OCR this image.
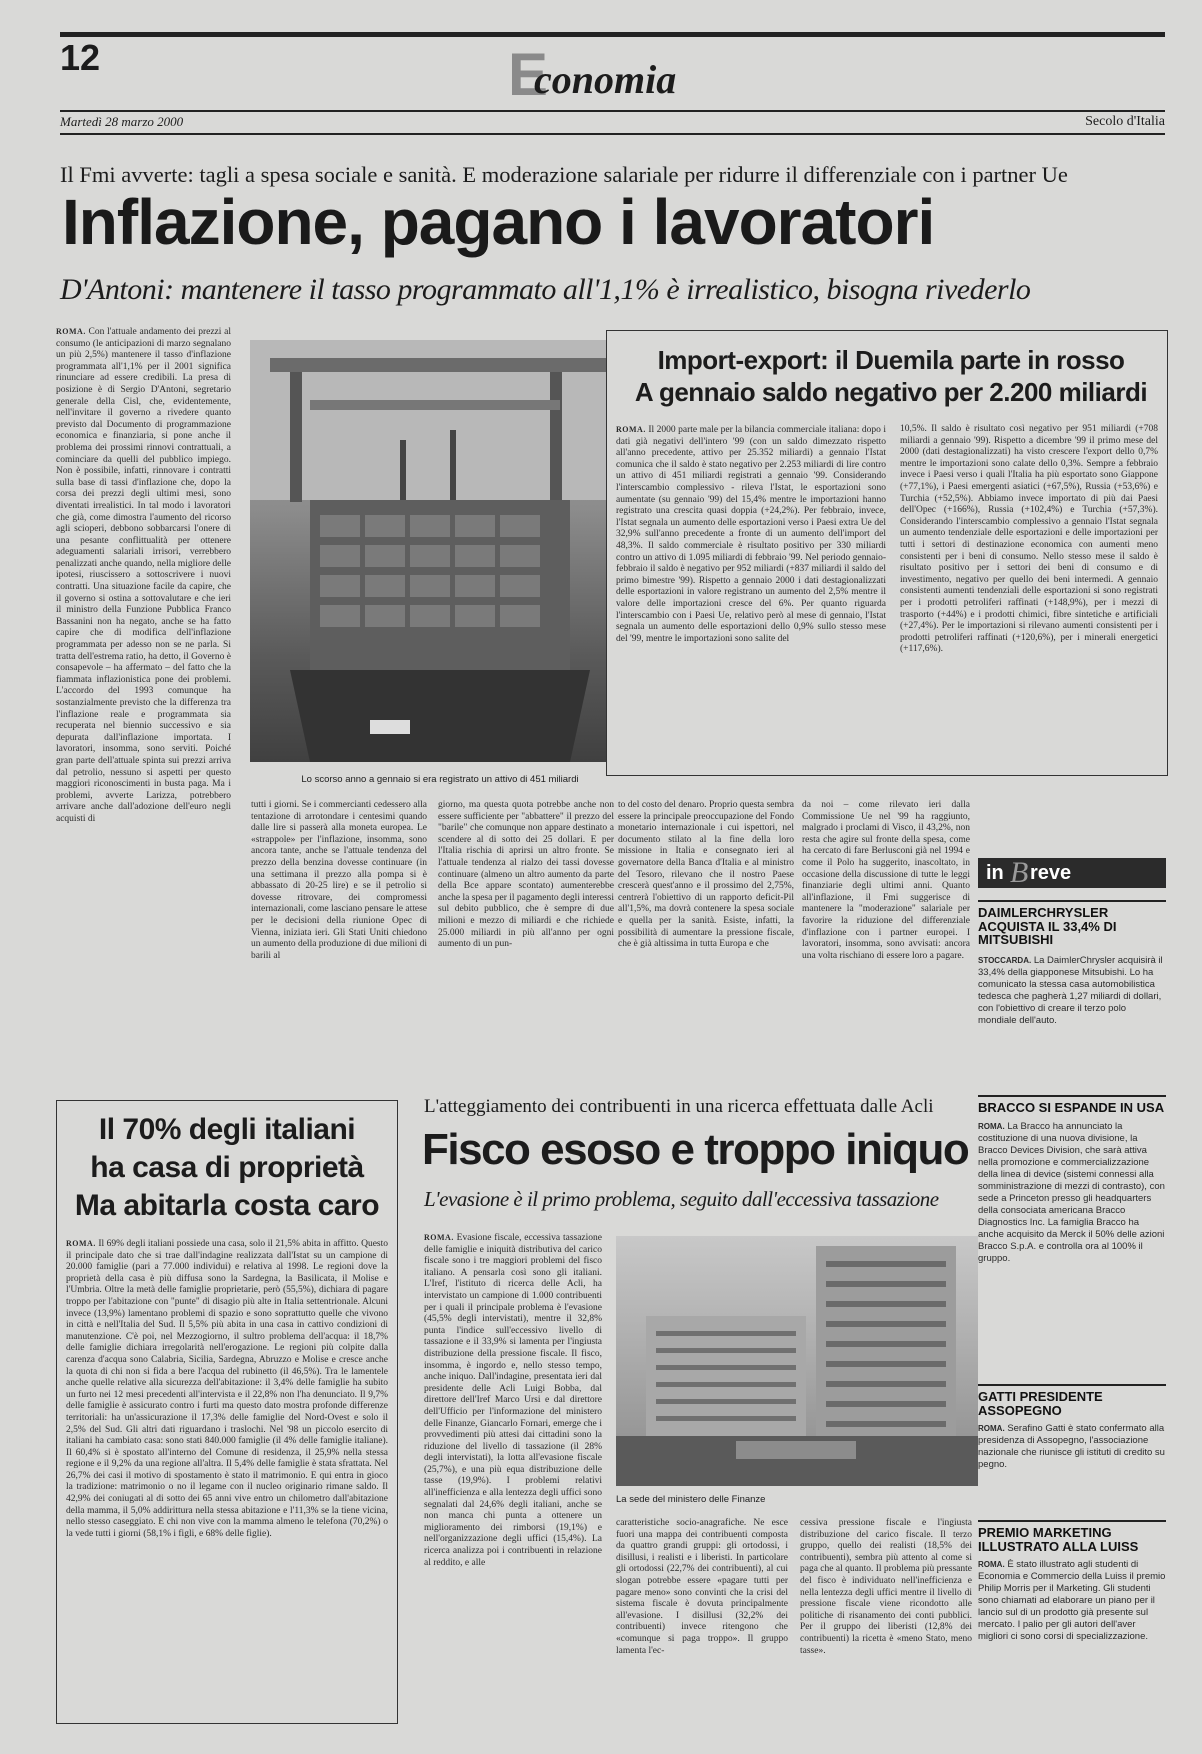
12	E
conomia
Martedì 28 marzo 2000	Secolo d'Italia
Il Fmi avverte: tagli a spesa sociale e sanità. E moderazione salariale per ridurre il differenziale con i partner Ue
Inflazione, pagano i lavoratori
D'Antoni: mantenere il tasso programmato all'1,1% è irrealistico, bisogna rivederlo

ROMA. Con l'attuale andamento dei prezzi al consumo (le anticipazioni di marzo segnalano un più 2,5%) mantenere il tasso d'inflazione programmata all'1,1% per il 2001 significa rinunciare ad essere credibili. La presa di posizione è di Sergio D'Antoni, segretario generale della Cisl, che, evidentemente, nell'invitare il governo a rivedere quanto previsto dal Documento di programmazione economica e finanziaria, si pone anche il problema dei prossimi rinnovi contrattuali, a cominciare da quelli del pubblico impiego. Non è possibile, infatti, rinnovare i contratti sulla base di tassi d'inflazione che, dopo la corsa dei prezzi degli ultimi mesi, sono diventati irrealistici. In tal modo i lavoratori che già, come dimostra l'aumento del ricorso agli scioperi, debbono sobbarcarsi l'onere di una pesante conflittualità per ottenere adeguamenti salariali irrisori, verrebbero penalizzati anche quando, nella migliore delle ipotesi, riuscissero a sottoscrivere i nuovi contratti. Una situazione facile da capire, che il governo si ostina a sottovalutare e che ieri il ministro della Funzione Pubblica Franco Bassanini non ha negato, anche se ha fatto capire che di modifica dell'inflazione programmata per adesso non se ne parla. Si tratta dell'estrema ratio, ha detto, il Governo è consapevole – ha affermato – del fatto che la fiammata inflazionistica pone dei problemi. L'accordo del 1993 comunque ha sostanzialmente previsto che la differenza tra l'inflazione reale e programmata sia recuperata nel biennio successivo e sia depurata dall'inflazione importata. I lavoratori, insomma, sono serviti. Poiché gran parte dell'attuale spinta sui prezzi arriva dal petrolio, nessuno si aspetti per questo maggiori riconoscimenti in busta paga. Ma i problemi, avverte Larizza, potrebbero arrivare anche dall'adozione dell'euro negli acquisti di

Lo scorso anno a gennaio si era registrato un attivo di 451 miliardi
Import-export: il Duemila parte in rosso
A gennaio saldo negativo per 2.200 miliardi

ROMA. Il 2000 parte male per la bilancia commerciale italiana: dopo i dati già negativi dell'intero '99 (con un saldo dimezzato rispetto all'anno precedente, attivo per 25.352 miliardi) a gennaio l'Istat comunica che il saldo è stato negativo per 2.253 miliardi di lire contro un attivo di 451 miliardi registrati a gennaio '99. Considerando l'interscambio complessivo - rileva l'Istat, le esportazioni sono aumentate (su gennaio '99) del 15,4% mentre le importazioni hanno registrato una crescita quasi doppia (+24,2%). Per febbraio, invece, l'Istat segnala un aumento delle esportazioni verso i Paesi extra Ue del 32,9% sull'anno precedente a fronte di un aumento dell'import del 48,3%. Il saldo commerciale è risultato positivo per 330 miliardi contro un attivo di 1.095 miliardi di febbraio '99. Nel periodo gennaio-febbraio il saldo è negativo per 952 miliardi (+837 miliardi il saldo del primo bimestre '99). Rispetto a gennaio 2000 i dati destagionalizzati delle esportazioni in valore registrano un aumento del 2,5% mentre il valore delle importazioni cresce del 6%. Per quanto riguarda l'interscambio con i Paesi Ue, relativo però al mese di gennaio, l'Istat segnala un aumento delle esportazioni dello 0,9% sullo stesso mese del '99, mentre le importazioni sono salite del

10,5%. Il saldo è risultato così negativo per 951 miliardi (+708 miliardi a gennaio '99). Rispetto a dicembre '99 il primo mese del 2000 (dati destagionalizzati) ha visto crescere l'export dello 0,7% mentre le importazioni sono calate dello 0,3%. Sempre a febbraio invece i Paesi verso i quali l'Italia ha più esportato sono Giappone (+77,1%), i Paesi emergenti asiatici (+67,5%), Russia (+53,6%) e Turchia (+52,5%). Abbiamo invece importato di più dai Paesi dell'Opec (+166%), Russia (+102,4%) e Turchia (+57,3%). Considerando l'interscambio complessivo a gennaio l'Istat segnala un aumento tendenziale delle esportazioni e delle importazioni per tutti i settori di destinazione economica con aumenti meno consistenti per i beni di consumo. Nello stesso mese il saldo è risultato positivo per i settori dei beni di consumo e di investimento, negativo per quello dei beni intermedi. A gennaio consistenti aumenti tendenziali delle esportazioni si sono registrati per i prodotti petroliferi raffinati (+148,9%), per i mezzi di trasporto (+44%) e i prodotti chimici, fibre sintetiche e artificiali (+27,4%). Per le importazioni si rilevano aumenti consistenti per i prodotti petroliferi raffinati (+120,6%), per i minerali energetici (+117,6%).

tutti i giorni. Se i commercianti cedessero alla tentazione di arrotondare i centesimi quando dalle lire si passerà alla moneta europea. Le «strappole» per l'inflazione, insomma, sono ancora tante, anche se l'attuale tendenza del prezzo della benzina dovesse continuare (in una settimana il prezzo alla pompa si è abbassato di 20-25 lire) e se il petrolio si dovesse ritrovare, dei compromessi internazionali, come lasciano pensare le attese per le decisioni della riunione Opec di Vienna, iniziata ieri. Gli Stati Uniti chiedono un aumento della produzione di due milioni di barili al

giorno, ma questa quota potrebbe anche non essere sufficiente per "abbattere" il prezzo del "barile" che comunque non appare destinato a scendere al di sotto dei 25 dollari. E per l'Italia rischia di aprirsi un altro fronte. Se l'attuale tendenza al rialzo dei tassi dovesse continuare (almeno un altro aumento da parte della Bce appare scontato) aumenterebbe anche la spesa per il pagamento degli interessi sul debito pubblico, che è sempre di due milioni e mezzo di miliardi e che richiede 25.000 miliardi in più all'anno per ogni aumento di un pun-

to del costo del denaro. Proprio questa sembra essere la principale preoccupazione del Fondo monetario internazionale i cui ispettori, nel documento stilato al la fine della loro missione in Italia e consegnato ieri al governatore della Banca d'Italia e al ministro del Tesoro, rilevano che il nostro Paese crescerà quest'anno e il prossimo del 2,75%, centrerà l'obiettivo di un rapporto deficit-Pil all'1,5%, ma dovrà contenere la spesa sociale e quella per la sanità. Esiste, infatti, la possibilità di aumentare la pressione fiscale, che è già altissima in tutta Europa e che

da noi – come rilevato ieri dalla Commissione Ue nel '99 ha raggiunto, malgrado i proclami di Visco, il 43,2%, non resta che agire sul fronte della spesa, come ha cercato di fare Berlusconi già nel 1994 e come il Polo ha suggerito, inascoltato, in occasione della discussione di tutte le leggi finanziarie degli ultimi anni. Quanto all'inflazione, il Fmi suggerisce di mantenere la "moderazione" salariale per favorire la riduzione del differenziale d'inflazione con i partner europei. I lavoratori, insomma, sono avvisati: ancora una volta rischiano di essere loro a pagare.

in B reve
DAIMLERCHRYSLER ACQUISTA IL 33,4% DI MITSUBISHI
STOCCARDA. La DaimlerChrysler acquisirà il 33,4% della giapponese Mitsubishi. Lo ha comunicato la stessa casa automobilistica tedesca che pagherà 1,27 miliardi di dollari, con l'obiettivo di creare il terzo polo mondiale dell'auto.
BRACCO SI ESPANDE IN USA
ROMA. La Bracco ha annunciato la costituzione di una nuova divisione, la Bracco Devices Division, che sarà attiva nella promozione e commercializzazione della linea di device (sistemi connessi alla somministrazione di mezzi di contrasto), con sede a Princeton presso gli headquarters della consociata americana Bracco Diagnostics Inc. La famiglia Bracco ha anche acquisito da Merck il 50% delle azioni Bracco S.p.A. e controlla ora al 100% il gruppo.
GATTI PRESIDENTE ASSOPEGNO
ROMA. Serafino Gatti è stato confermato alla presidenza di Assopegno, l'associazione nazionale che riunisce gli istituti di credito su pegno.
PREMIO MARKETING ILLUSTRATO ALLA LUISS
ROMA. È stato illustrato agli studenti di Economia e Commercio della Luiss il premio Philip Morris per il Marketing. Gli studenti sono chiamati ad elaborare un piano per il lancio sul di un prodotto già presente sul mercato. I palio per gli autori dell'aver migliori ci sono corsi di specializzazione.
Il 70% degli italiani
ha casa di proprietà
Ma abitarla costa caro

ROMA. Il 69% degli italiani possiede una casa, solo il 21,5% abita in affitto. Questo il principale dato che si trae dall'indagine realizzata dall'Istat su un campione di 20.000 famiglie (pari a 77.000 individui) e relativa al 1998. Le regioni dove la proprietà della casa è più diffusa sono la Sardegna, la Basilicata, il Molise e l'Umbria. Oltre la metà delle famiglie proprietarie, però (55,5%), dichiara di pagare troppo per l'abitazione con "punte" di disagio più alte in Italia settentrionale. Alcuni invece (13,9%) lamentano problemi di spazio e sono soprattutto quelle che vivono in città e nell'Italia del Sud. Il 5,5% più abita in una casa in cattivo condizioni di manutenzione. C'è poi, nel Mezzogiorno, il sultro problema dell'acqua: il 18,7% delle famiglie dichiara irregolarità nell'erogazione. Le regioni più colpite dalla carenza d'acqua sono Calabria, Sicilia, Sardegna, Abruzzo e Molise e cresce anche la quota di chi non si fida a bere l'acqua del rubinetto (il 46,5%). Tra le lamentele anche quelle relative alla sicurezza dell'abitazione: il 3,4% delle famiglie ha subito un furto nei 12 mesi precedenti all'intervista e il 22,8% non l'ha denunciato. Il 9,7% delle famiglie è assicurato contro i furti ma questo dato mostra profonde differenze territoriali: ha un'assicurazione il 17,3% delle famiglie del Nord-Ovest e solo il 2,5% del Sud. Gli altri dati riguardano i traslochi. Nel '98 un piccolo esercito di italiani ha cambiato casa: sono stati 840.000 famiglie (il 4% delle famiglie italiane). Il 60,4% si è spostato all'interno del Comune di residenza, il 25,9% nella stessa regione e il 9,2% da una regione all'altra. Il 5,4% delle famiglie è stata sfrattata. Nel 26,7% dei casi il motivo di spostamento è stato il matrimonio. E qui entra in gioco la tradizione: matrimonio o no il legame con il nucleo originario rimane saldo. Il 42,9% dei coniugati al di sotto dei 65 anni vive entro un chilometro dall'abitazione della mamma, il 5,0% addirittura nella stessa abitazione e l'11,3% se la tiene vicina, nello stesso caseggiato. E chi non vive con la mamma almeno le telefona (70,2%) o la vede tutti i giorni (58,1% i figli, e 68% delle figlie).

L'atteggiamento dei contribuenti in una ricerca effettuata dalle Acli
Fisco esoso e troppo iniquo
L'evasione è il primo problema, seguito dall'eccessiva tassazione

ROMA. Evasione fiscale, eccessiva tassazione delle famiglie e iniquità distributiva del carico fiscale sono i tre maggiori problemi del fisco italiano. A pensarla così sono gli italiani. L'Iref, l'istituto di ricerca delle Acli, ha intervistato un campione di 1.000 contribuenti per i quali il principale problema è l'evasione (45,5% degli intervistati), mentre il 32,8% punta l'indice sull'eccessivo livello di tassazione e il 33,9% si lamenta per l'ingiusta distribuzione della pressione fiscale. Il fisco, insomma, è ingordo e, nello stesso tempo, anche iniquo. Dall'indagine, presentata ieri dal presidente delle Acli Luigi Bobba, dal direttore dell'Iref Marco Ursi e dal direttore dell'Ufficio per l'informazione del ministero delle Finanze, Giancarlo Fornari, emerge che i provvedimenti più attesi dai cittadini sono la riduzione del livello di tassazione (il 28% degli intervistati), la lotta all'evasione fiscale (25,7%), e una più equa distribuzione delle tasse (19,9%). I problemi relativi all'inefficienza e alla lentezza degli uffici sono segnalati dal 24,6% degli italiani, anche se non manca chi punta a ottenere un miglioramento dei rimborsi (19,1%) e nell'organizzazione degli uffici (15,4%). La ricerca analizza poi i contribuenti in relazione al reddito, e alle

La sede del ministero delle Finanze

caratteristiche socio-anagrafiche. Ne esce fuori una mappa dei contribuenti composta da quattro grandi gruppi: gli ortodossi, i disillusi, i realisti e i liberisti. In particolare gli ortodossi (22,7% dei contribuenti), al cui slogan potrebbe essere «pagare tutti per pagare meno» sono convinti che la crisi del sistema fiscale è dovuta principalmente all'evasione. I disillusi (32,2% dei contribuenti) invece ritengono che «comunque si paga troppo». Il gruppo lamenta l'ec-

cessiva pressione fiscale e l'ingiusta distribuzione del carico fiscale. Il terzo gruppo, quello dei realisti (18,5% dei contribuenti), sembra più attento al come si paga che al quanto. Il problema più pressante del fisco è individuato nell'inefficienza e nella lentezza degli uffici mentre il livello di pressione fiscale viene ricondotto alle politiche di risanamento dei conti pubblici. Per il gruppo dei liberisti (12,8% dei contribuenti) la ricetta è «meno Stato, meno tasse».
